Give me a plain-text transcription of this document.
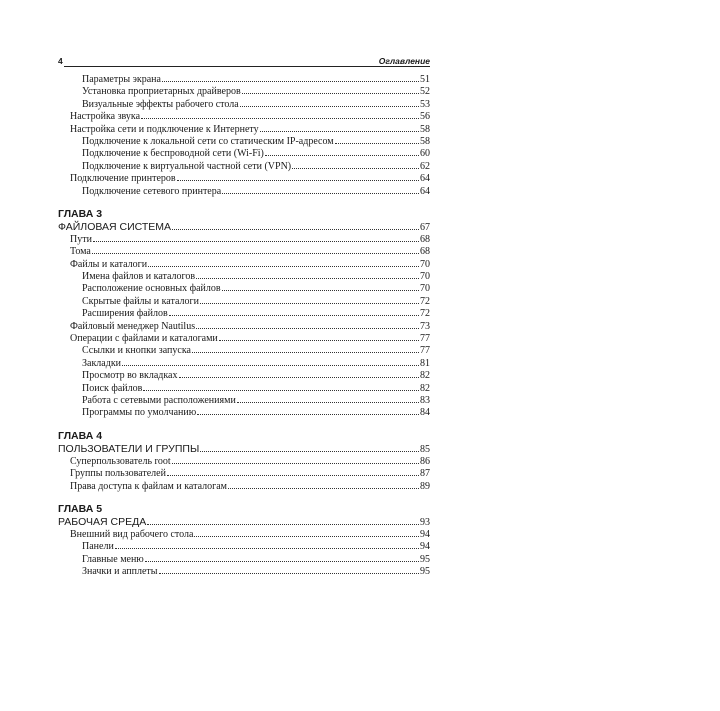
4	Оглавление
Параметры экрана	51
Установка проприетарных драйверов	52
Визуальные эффекты рабочего стола	53
Настройка звука	56
Настройка сети и подключение к Интернету	58
Подключение к локальной сети со статическим IP-адресом	58
Подключение к беспроводной сети (Wi-Fi)	60
Подключение к виртуальной частной сети (VPN)	62
Подключение принтеров	64
Подключение сетевого принтера	64
ГЛАВА 3
ФАЙЛОВАЯ СИСТЕМА	67
Пути	68
Тома	68
Файлы и каталоги	70
Имена файлов и каталогов	70
Расположение основных файлов	70
Скрытые файлы и каталоги	72
Расширения файлов	72
Файловый менеджер Nautilus	73
Операции с файлами и каталогами	77
Ссылки и кнопки запуска	77
Закладки	81
Просмотр во вкладках	82
Поиск файлов	82
Работа с сетевыми расположениями	83
Программы по умолчанию	84
ГЛАВА 4
ПОЛЬЗОВАТЕЛИ И ГРУППЫ	85
Суперпользователь root	86
Группы пользователей	87
Права доступа к файлам и каталогам	89
ГЛАВА 5
РАБОЧАЯ СРЕДА	93
Внешний вид рабочего стола	94
Панели	94
Главные меню	95
Значки и апплеты	95
